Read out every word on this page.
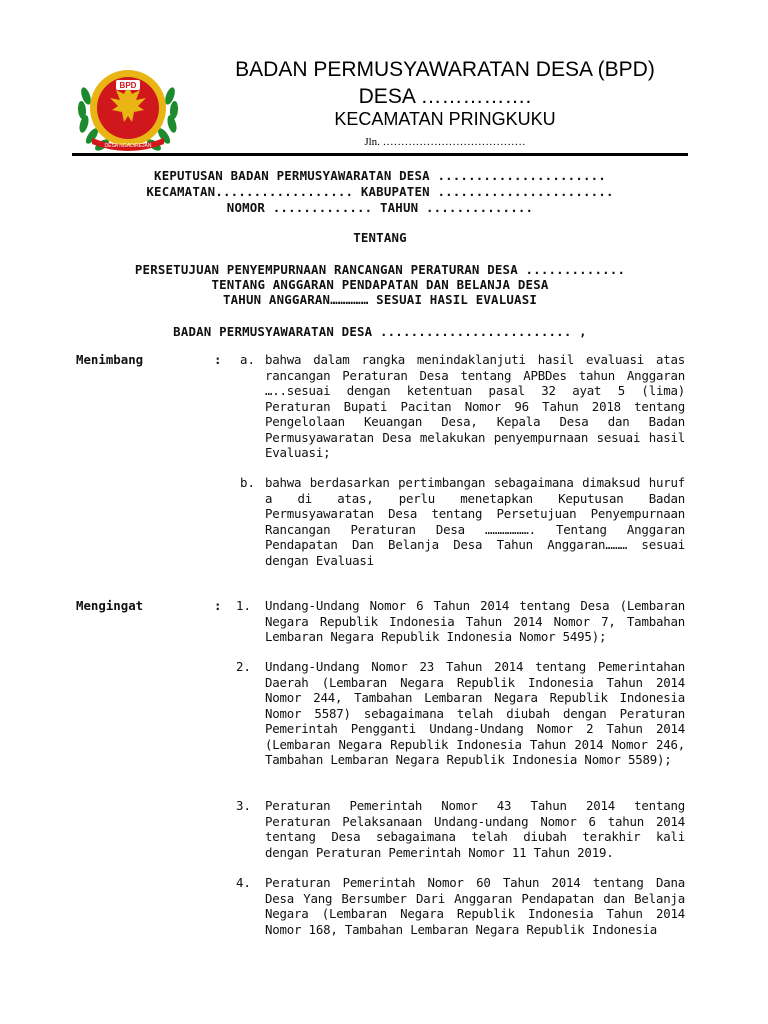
BPD
DESA NGADIREJAN
BADAN PERMUSYAWARATAN DESA (BPD)
DESA …………….
KECAMATAN PRINGKUKU
Jln. …………………………………
KEPUTUSAN BADAN PERMUSYAWARATAN DESA ......................
KECAMATAN.................. KABUPATEN .......................
NOMOR ............. TAHUN ..............
TENTANG
PERSETUJUAN PENYEMPURNAAN RANCANGAN PERATURAN DESA .............
TENTANG ANGGARAN PENDAPATAN DAN BELANJA DESA
TAHUN ANGGARAN…………… SESUAI HASIL EVALUASI
BADAN PERMUSYAWARATAN DESA ......................... ,
Menimbang	: a. bahwa dalam rangka menindaklanjuti hasil evaluasi atas rancangan Peraturan Desa tentang APBDes tahun Anggaran …..sesuai dengan ketentuan pasal 32 ayat 5 (lima) Peraturan Bupati Pacitan Nomor 96 Tahun 2018 tentang Pengelolaan Keuangan Desa, Kepala Desa dan Badan Permusyawaratan Desa melakukan penyempurnaan sesuai hasil Evaluasi;
b. bahwa berdasarkan pertimbangan sebagaimana dimaksud huruf a di atas, perlu menetapkan Keputusan Badan Permusyawaratan Desa tentang Persetujuan Penyempurnaan Rancangan Peraturan Desa ………………. Tentang Anggaran Pendapatan Dan Belanja Desa Tahun Anggaran……… sesuai dengan Evaluasi
Mengingat	: 1. Undang-Undang Nomor 6 Tahun 2014 tentang Desa (Lembaran Negara Republik Indonesia Tahun 2014 Nomor 7, Tambahan Lembaran Negara Republik Indonesia Nomor 5495);
2. Undang-Undang Nomor 23 Tahun 2014 tentang Pemerintahan Daerah (Lembaran Negara Republik Indonesia Tahun 2014 Nomor 244, Tambahan Lembaran Negara Republik Indonesia Nomor 5587) sebagaimana telah diubah dengan Peraturan Pemerintah Pengganti Undang-Undang Nomor 2 Tahun 2014 (Lembaran Negara Republik Indonesia Tahun 2014 Nomor 246, Tambahan Lembaran Negara Republik Indonesia Nomor 5589);
3. Peraturan Pemerintah Nomor 43 Tahun 2014 tentang Peraturan Pelaksanaan Undang-undang Nomor 6 tahun 2014 tentang Desa sebagaimana telah diubah terakhir kali dengan Peraturan Pemerintah Nomor 11 Tahun 2019.
4. Peraturan Pemerintah Nomor 60 Tahun 2014 tentang Dana Desa Yang Bersumber Dari Anggaran Pendapatan dan Belanja Negara (Lembaran Negara Republik Indonesia Tahun 2014 Nomor 168, Tambahan Lembaran Negara Republik Indonesia
